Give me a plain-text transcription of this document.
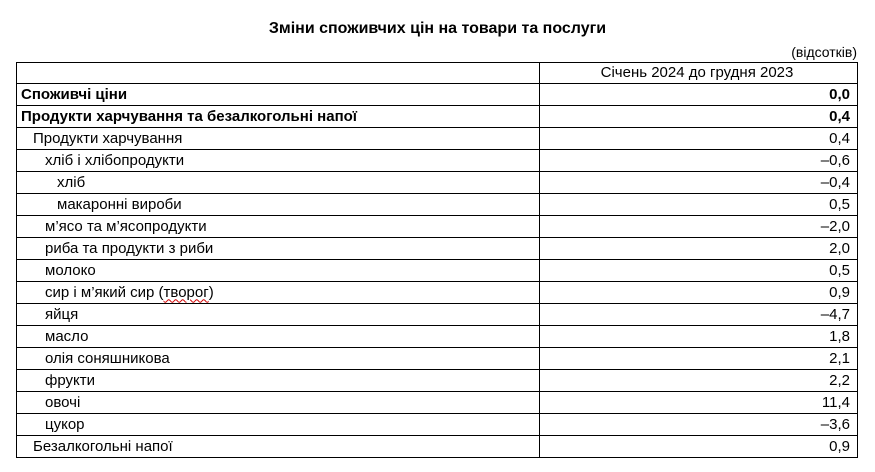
Зміни споживчих цін на товари та послуги
(відсотків)
	Січень 2024 до грудня 2023
Споживчі ціни	0,0
Продукти харчування та безалкогольні напої	0,4
Продукти харчування	0,4
хліб і хлібопродукти	–0,6
хліб	–0,4
макаронні вироби	0,5
м’ясо та м’ясопродукти	–2,0
риба та продукти з риби	2,0
молоко	0,5
сир і м’який сир (творог)	0,9
яйця	–4,7
масло	1,8
олія соняшникова	2,1
фрукти	2,2
овочі	11,4
цукор	–3,6
Безалкогольні напої	0,9
